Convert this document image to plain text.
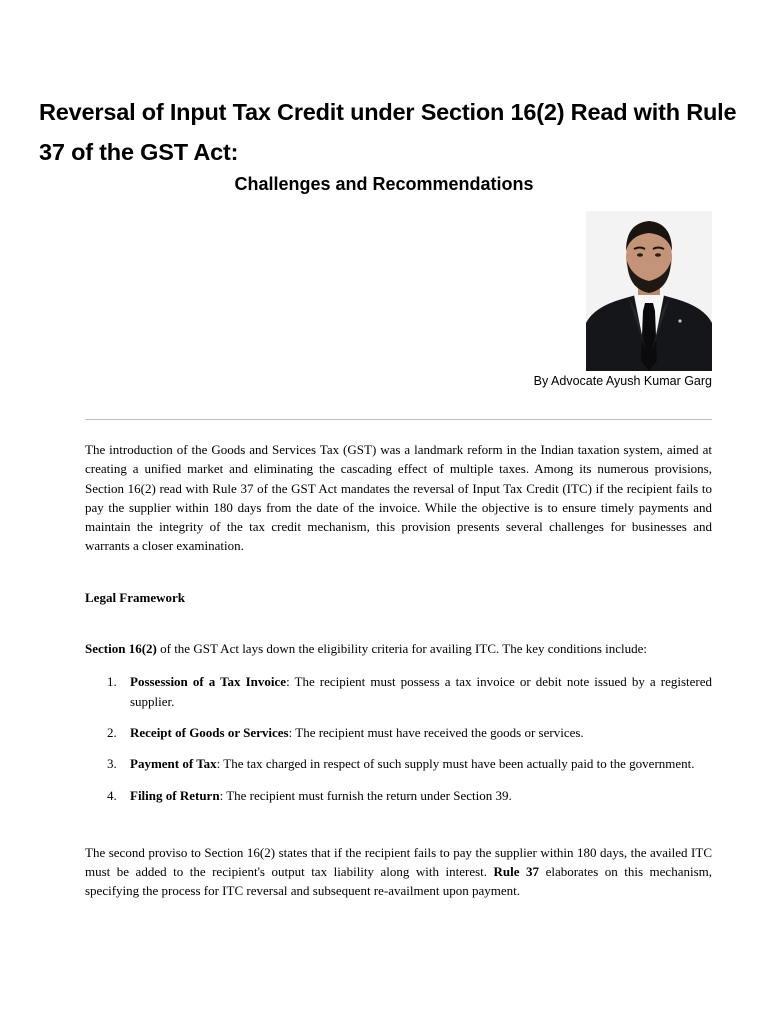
Reversal of Input Tax Credit under Section 16(2) Read with Rule 37 of the GST Act:
Challenges and Recommendations
By Advocate Ayush Kumar Garg

The introduction of the Goods and Services Tax (GST) was a landmark reform in the Indian taxation system, aimed at creating a unified market and eliminating the cascading effect of multiple taxes. Among its numerous provisions, Section 16(2) read with Rule 37 of the GST Act mandates the reversal of Input Tax Credit (ITC) if the recipient fails to pay the supplier within 180 days from the date of the invoice. While the objective is to ensure timely payments and maintain the integrity of the tax credit mechanism, this provision presents several challenges for businesses and warrants a closer examination.

Legal Framework

Section 16(2) of the GST Act lays down the eligibility criteria for availing ITC. The key conditions include:

1. Possession of a Tax Invoice: The recipient must possess a tax invoice or debit note issued by a registered supplier.
2. Receipt of Goods or Services: The recipient must have received the goods or services.
3. Payment of Tax: The tax charged in respect of such supply must have been actually paid to the government.
4. Filing of Return: The recipient must furnish the return under Section 39.

The second proviso to Section 16(2) states that if the recipient fails to pay the supplier within 180 days, the availed ITC must be added to the recipient's output tax liability along with interest. Rule 37 elaborates on this mechanism, specifying the process for ITC reversal and subsequent re-availment upon payment.
